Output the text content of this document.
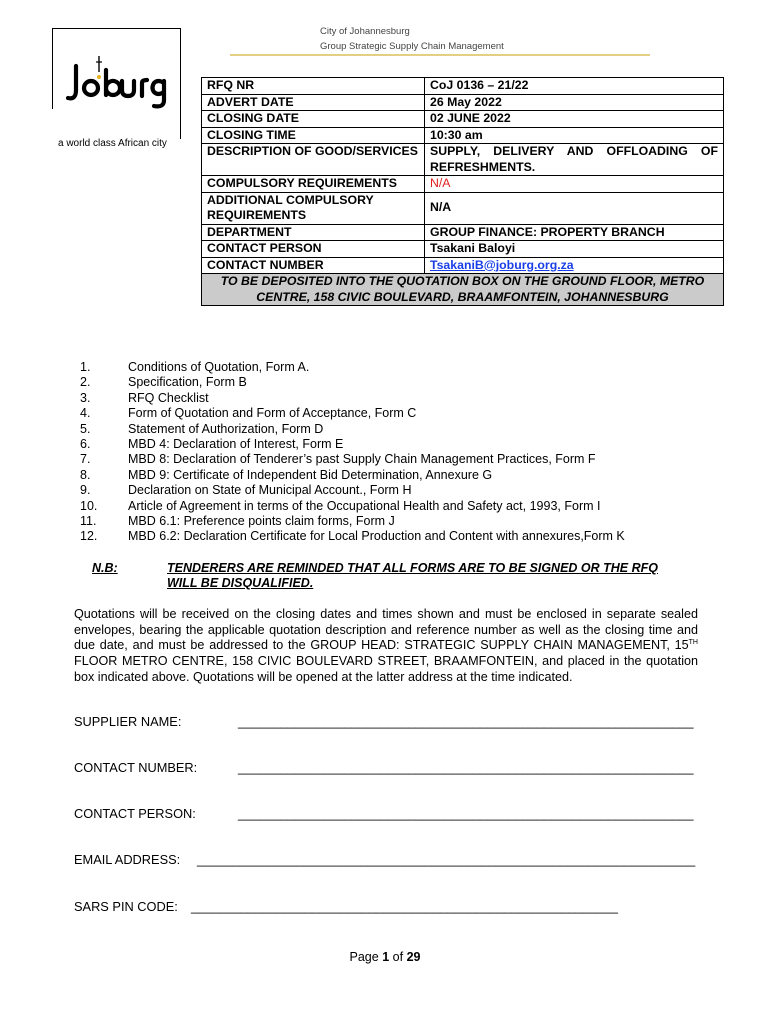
City of Johannesburg
Group Strategic Supply Chain Management
a world class African city
RFQ NR	CoJ 0136 – 21/22
ADVERT DATE	26 May 2022
CLOSING DATE	02 JUNE 2022
CLOSING TIME	10:30 am
DESCRIPTION OF GOOD/SERVICES	SUPPLY, DELIVERY AND OFFLOADING OF REFRESHMENTS.
COMPULSORY REQUIREMENTS	N/A
ADDITIONAL COMPULSORY REQUIREMENTS	N/A
DEPARTMENT	GROUP FINANCE: PROPERTY BRANCH
CONTACT PERSON	Tsakani Baloyi
CONTACT NUMBER	TsakaniB@joburg.org.za
TO BE DEPOSITED INTO THE QUOTATION BOX ON THE GROUND FLOOR, METRO CENTRE, 158 CIVIC BOULEVARD, BRAAMFONTEIN, JOHANNESBURG	
1.	Conditions of Quotation, Form A.
2.	Specification, Form B
3.	RFQ Checklist
4.	Form of Quotation and Form of Acceptance, Form C
5.	Statement of Authorization, Form D
6.	MBD 4: Declaration of Interest, Form E
7.	MBD 8: Declaration of Tenderer’s past Supply Chain Management Practices, Form F
8.	MBD 9: Certificate of Independent Bid Determination, Annexure G
9.	Declaration on State of Municipal Account., Form H
10. Article of Agreement in terms of the Occupational Health and Safety act, 1993, Form I
11.	MBD 6.1: Preference points claim forms, Form J
12. MBD 6.2: Declaration Certificate for Local Production and Content with annexures,Form K
N.B:	TENDERERS ARE REMINDED THAT ALL FORMS ARE TO BE SIGNED OR THE RFQ WILL BE DISQUALIFIED.
Quotations will be received on the closing dates and times shown and must be enclosed in separate sealed envelopes, bearing the applicable quotation description and reference number as well as the closing time and due date, and must be addressed to the GROUP HEAD: STRATEGIC SUPPLY CHAIN MANAGEMENT, 15TH FLOOR METRO CENTRE, 158 CIVIC BOULEVARD STREET, BRAAMFONTEIN, and placed in the quotation box indicated above. Quotations will be opened at the latter address at the time indicated.
SUPPLIER NAME:	________________________________________________________________
CONTACT NUMBER:	________________________________________________________________
CONTACT PERSON:	________________________________________________________________
EMAIL ADDRESS: ______________________________________________________________________
SARS PIN CODE: ____________________________________________________________
Page 1 of 29
